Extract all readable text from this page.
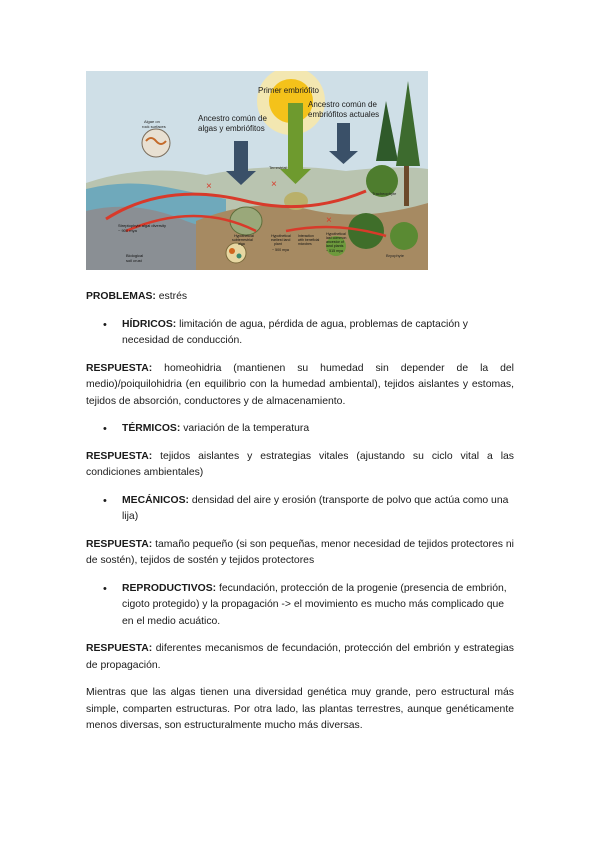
×
×
×
Primer embriófito
Ancestro común de
algas y embriófitos
Ancestro común de
embriófitos actuales
Algae on
rock surfaces
Terrestrial
Tracheophyte
Bryophyte
Streptophyte algal diversity
~ 900 mya
Hypothetical
subterrestrial
alga
Hypothetical
earliest land
plant
~ 500 mya
Interaction
with beneficial
microbes
Hypothetical
last common
ancestor of
land plants
~ 515 mya
Biological
soil crust

PROBLEMAS: estrés

• HÍDRICOS: limitación de agua, pérdida de agua, problemas de captación y necesidad de conducción.

RESPUESTA: homeohidria (mantienen su humedad sin depender de la del medio)/poiquilohidria (en equilibrio con la humedad ambiental), tejidos aislantes y estomas, tejidos de absorción, conductores y de almacenamiento.

• TÉRMICOS: variación de la temperatura

RESPUESTA: tejidos aislantes y estrategias vitales (ajustando su ciclo vital a las condiciones ambientales)

• MECÁNICOS: densidad del aire y erosión (transporte de polvo que actúa como una lija)

RESPUESTA: tamaño pequeño (si son pequeñas, menor necesidad de tejidos protectores ni de sostén), tejidos de sostén y tejidos protectores

• REPRODUCTIVOS: fecundación, protección de la progenie (presencia de embrión, cigoto protegido) y la propagación -> el movimiento es mucho más complicado que en el medio acuático.

RESPUESTA: diferentes mecanismos de fecundación, protección del embrión y estrategias de propagación.

Mientras que las algas tienen una diversidad genética muy grande, pero estructural más simple, comparten estructuras. Por otra lado, las plantas terrestres, aunque genéticamente menos diversas, son estructuralmente mucho más diversas.
